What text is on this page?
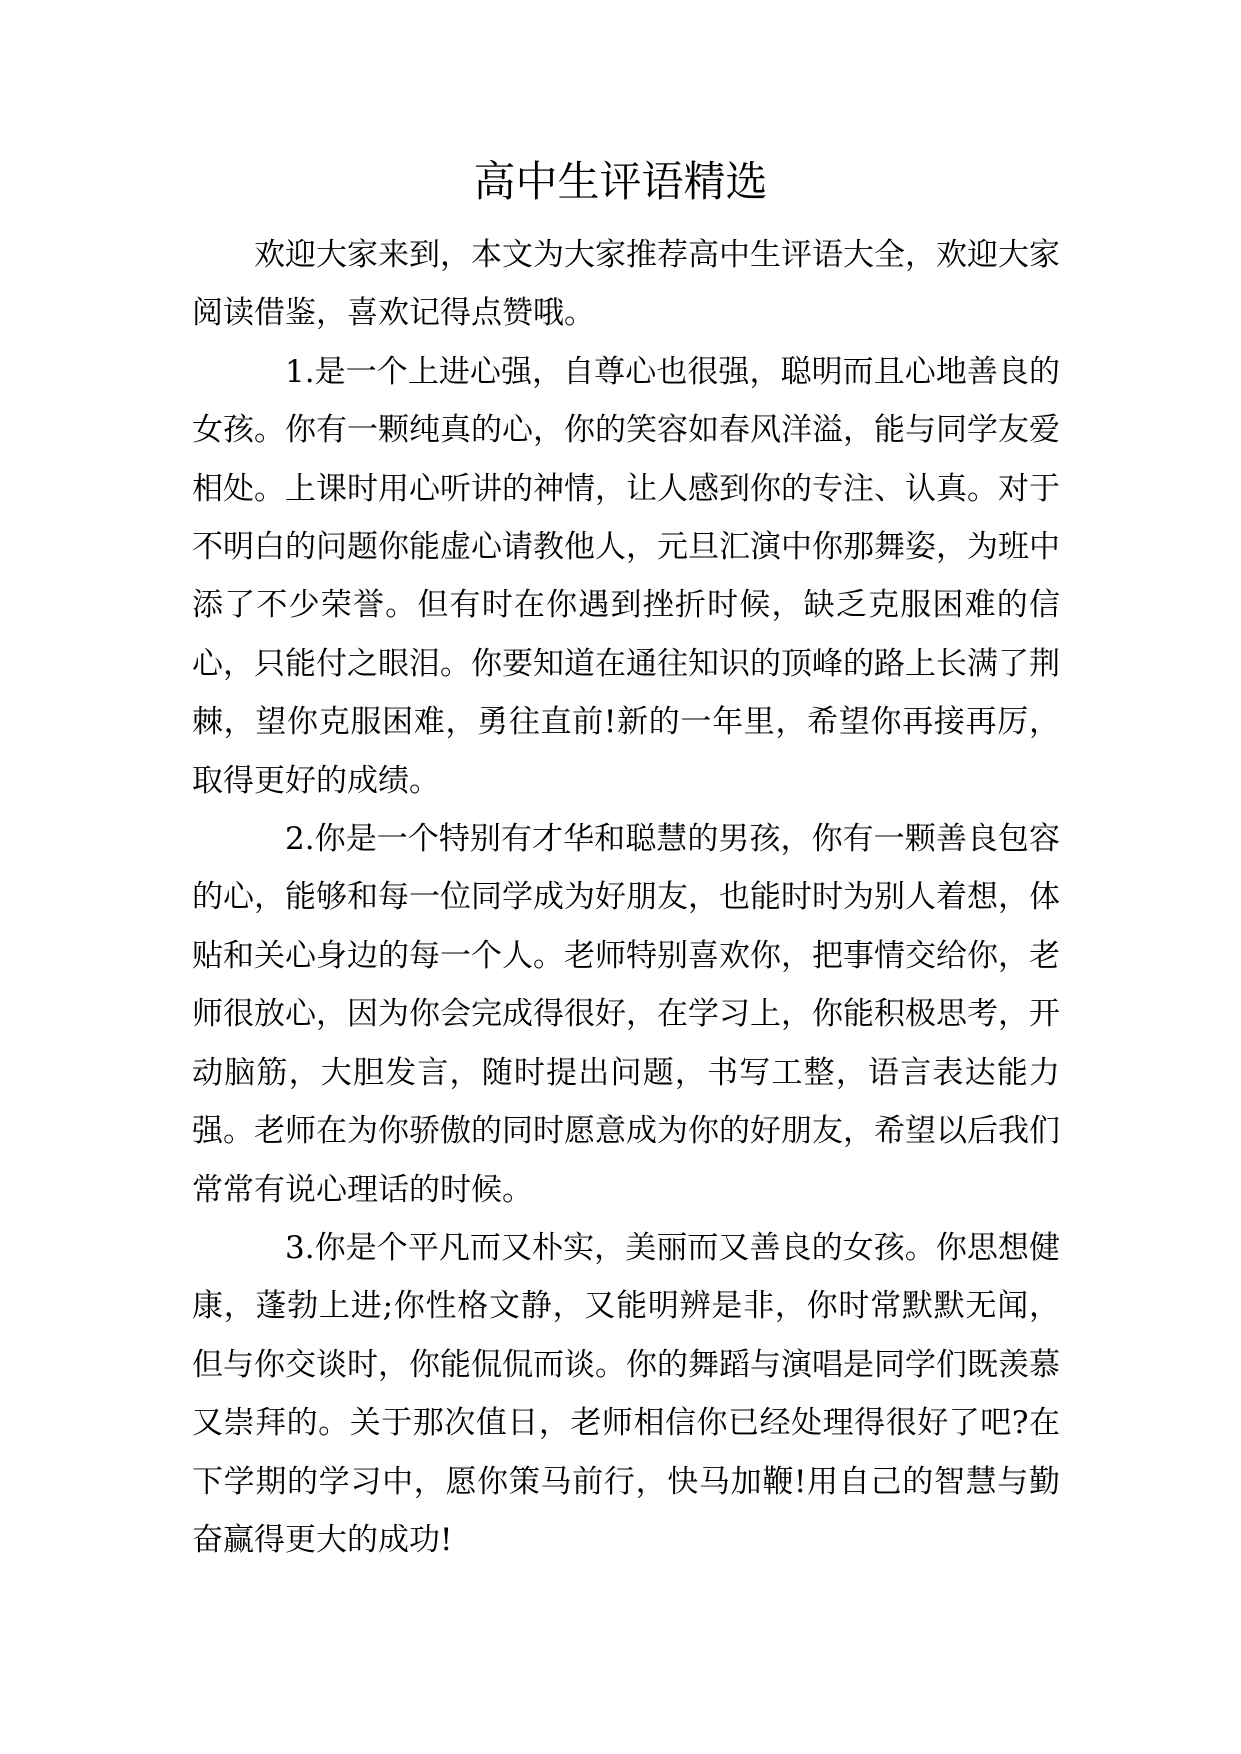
高中生评语精选

欢迎大家来到，本文为大家推荐高中生评语大全，欢迎大家阅读借鉴，喜欢记得点赞哦。

1.是一个上进心强，自尊心也很强，聪明而且心地善良的女孩。你有一颗纯真的心，你的笑容如春风洋溢，能与同学友爱相处。上课时用心听讲的神情，让人感到你的专注、认真。对于不明白的问题你能虚心请教他人，元旦汇演中你那舞姿，为班中添了不少荣誉。但有时在你遇到挫折时候，缺乏克服困难的信心，只能付之眼泪。你要知道在通往知识的顶峰的路上长满了荆棘，望你克服困难，勇往直前!新的一年里，希望你再接再厉，取得更好的成绩。

2.你是一个特别有才华和聪慧的男孩，你有一颗善良包容的心，能够和每一位同学成为好朋友，也能时时为别人着想，体贴和关心身边的每一个人。老师特别喜欢你，把事情交给你，老师很放心，因为你会完成得很好，在学习上，你能积极思考，开动脑筋，大胆发言，随时提出问题，书写工整，语言表达能力强。老师在为你骄傲的同时愿意成为你的好朋友，希望以后我们常常有说心理话的时候。

3.你是个平凡而又朴实，美丽而又善良的女孩。你思想健康，蓬勃上进;你性格文静，又能明辨是非，你时常默默无闻，但与你交谈时，你能侃侃而谈。你的舞蹈与演唱是同学们既羡慕又崇拜的。关于那次值日，老师相信你已经处理得很好了吧?在下学期的学习中，愿你策马前行，快马加鞭!用自己的智慧与勤奋赢得更大的成功!
